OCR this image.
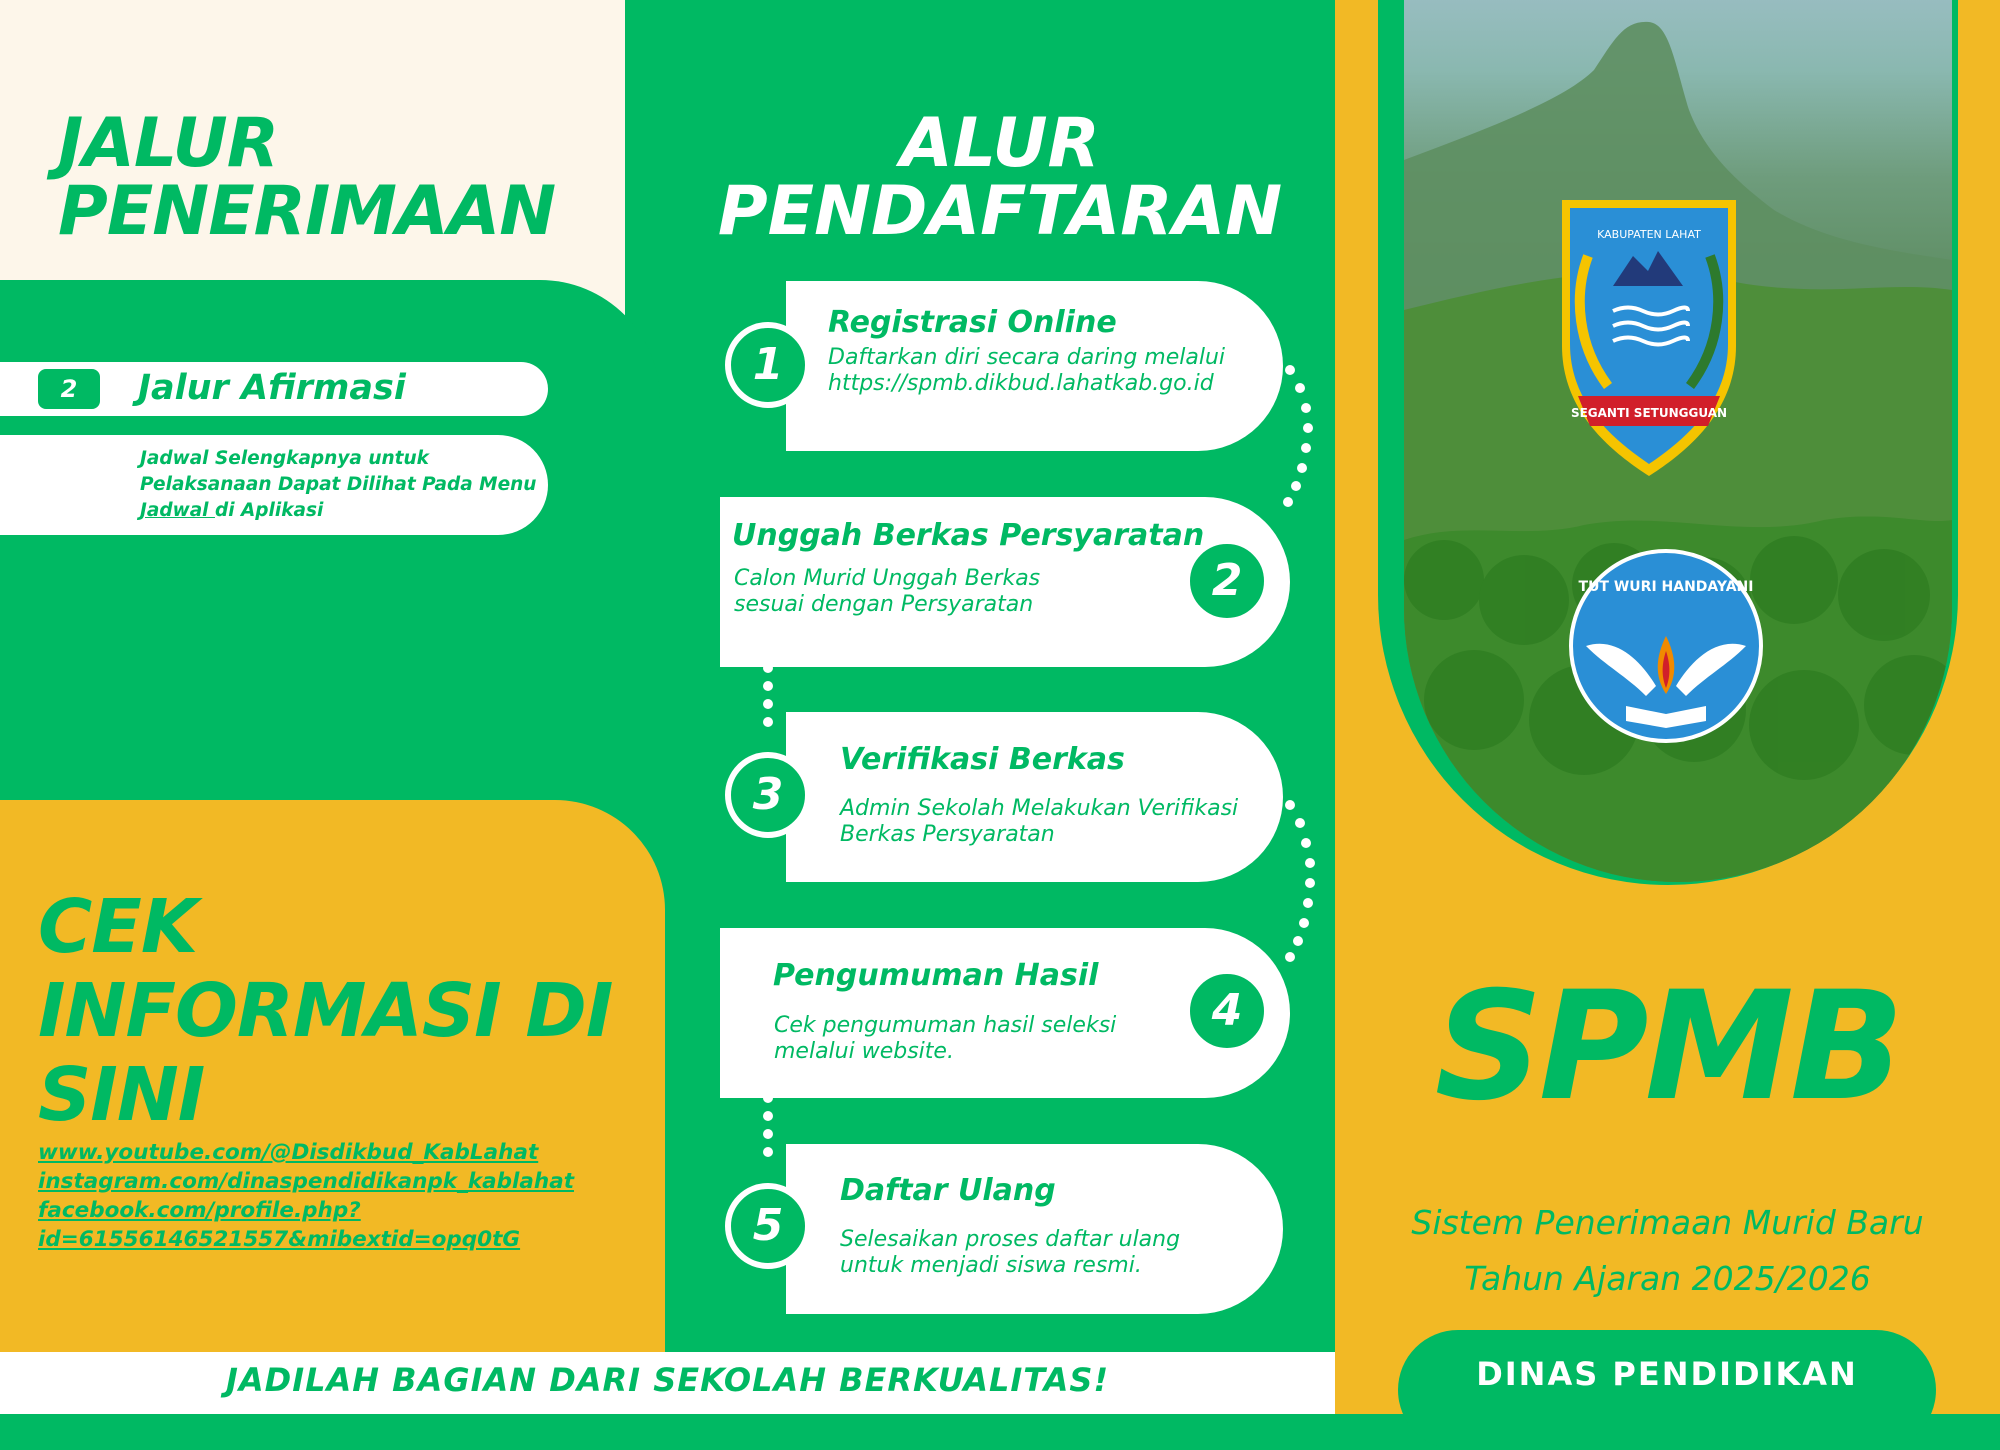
JALUR
PENERIMAAN
2	Jalur Afirmasi
Jadwal Selengkapnya untuk Pelaksanaan Dapat Dilihat Pada Menu Jadwal di Aplikasi
CEK
INFORMASI DI
SINI
www.youtube.com/@Disdikbud_KabLahat
instagram.com/dinaspendidikanpk_kablahat
facebook.com/profile.php?
id=61556146521557&mibextid=opq0tG
JADILAH BAGIAN DARI SEKOLAH BERKUALITAS!
ALUR
PENDAFTARAN
1
Registrasi Online
Daftarkan diri secara daring melalui https://spmb.dikbud.lahatkab.go.id
2
Unggah Berkas Persyaratan
Calon Murid Unggah Berkas sesuai dengan Persyaratan
3
Verifikasi Berkas
Admin Sekolah Melakukan Verifikasi Berkas Persyaratan
4
Pengumuman Hasil
Cek pengumuman hasil seleksi melalui website.
5
Daftar Ulang
Selesaikan proses daftar ulang untuk menjadi siswa resmi.
SEGANTI SETUNGGUAN
KABUPATEN LAHAT
TUT WURI HANDAYANI
SPMB
Sistem Penerimaan Murid Baru
Tahun Ajaran 2025/2026
DINAS PENDIDIKAN
